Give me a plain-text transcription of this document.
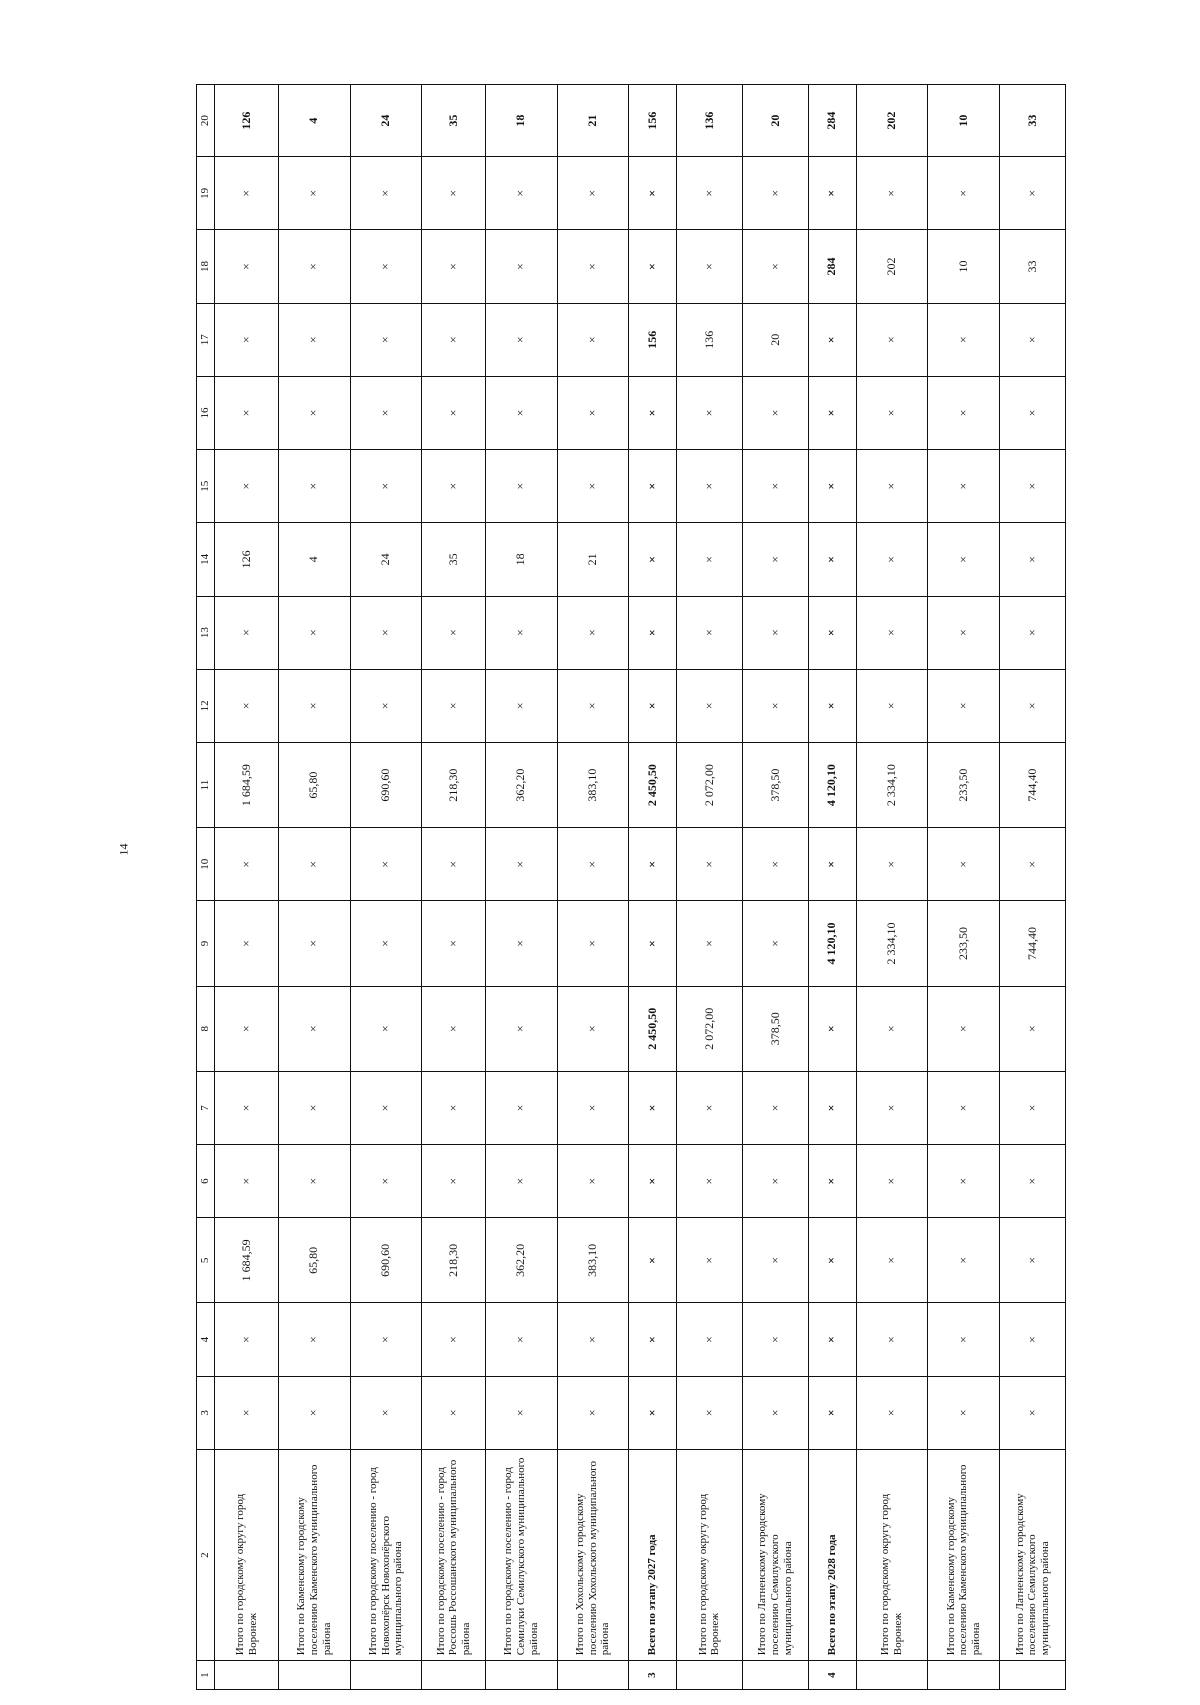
14
1	2	3	4	5	6	7	8	9	10	11	12	13	14	15	16	17	18	19	20
	Итого по городскому округу город Воронеж	×	×	1 684,59	×	×	×	×	×	1 684,59	×	×	126	×	×	×	×	×	126
	Итого по Каменскому городскому поселению Каменского муниципального района	×	×	65,80	×	×	×	×	×	65,80	×	×	4	×	×	×	×	×	4
	Итого по городскому поселению - город Новохопёрск Новохопёрского муниципального района	×	×	690,60	×	×	×	×	×	690,60	×	×	24	×	×	×	×	×	24
	Итого по городскому поселению - город Россошь Россошанского муниципального района	×	×	218,30	×	×	×	×	×	218,30	×	×	35	×	×	×	×	×	35
	Итого по городскому поселению - город Семилуки Семилукского муниципального района	×	×	362,20	×	×	×	×	×	362,20	×	×	18	×	×	×	×	×	18
	Итого по Хохольскому городскому поселению Хохольского муниципального района	×	×	383,10	×	×	×	×	×	383,10	×	×	21	×	×	×	×	×	21
3	Всего по этапу 2027 года	×	×	×	×	×	2 450,50	×	×	2 450,50	×	×	×	×	×	156	×	×	156
	Итого по городскому округу город Воронеж	×	×	×	×	×	2 072,00	×	×	2 072,00	×	×	×	×	×	136	×	×	136
	Итого по Латненскому городскому поселению Семилукского муниципального района	×	×	×	×	×	378,50	×	×	378,50	×	×	×	×	×	20	×	×	20
4	Всего по этапу 2028 года	×	×	×	×	×	×	4 120,10	×	4 120,10	×	×	×	×	×	×	284	×	284
	Итого по городскому округу город Воронеж	×	×	×	×	×	×	2 334,10	×	2 334,10	×	×	×	×	×	×	202	×	202
	Итого по Каменскому городскому поселению Каменского муниципального района	×	×	×	×	×	×	233,50	×	233,50	×	×	×	×	×	×	10	×	10
	Итого по Латненскому городскому поселению Семилукского муниципального района	×	×	×	×	×	×	744,40	×	744,40	×	×	×	×	×	×	33	×	33
